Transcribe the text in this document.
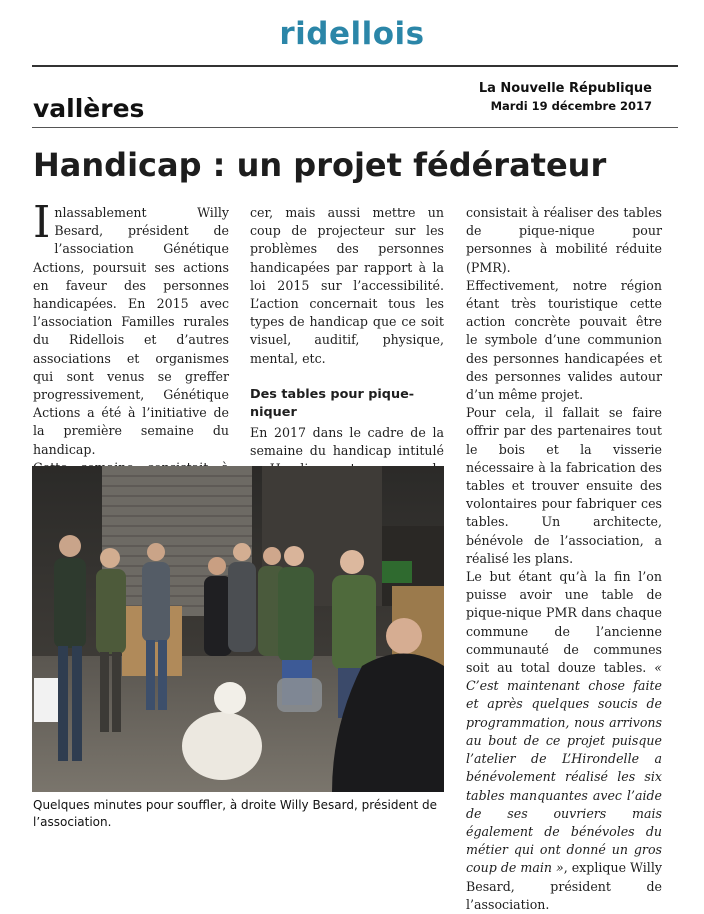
ridellois
La Nouvelle République
Mardi 19 décembre 2017
vallères
Handicap : un projet fédérateur

Inlassablement Willy Besard, président de l’association Génétique Actions, poursuit ses actions en faveur des personnes handicapées. En 2015 avec l’association Familles rurales du Ridellois et d’autres associations et organismes qui sont venus se greffer progressivement, Génétique Actions a été à l’initiative de la première semaine du handicap.

cer, mais aussi mettre un coup de projecteur sur les problèmes des personnes handicapées par rapport à la loi 2015 sur l’accessibilité. L’action concernait tous les types de handicap que ce soit visuel, auditif, physique, mental, etc.

Des tables pour pique-niquer

En 2017 dans le cadre de la semaine du handicap intitulé

consistait à réaliser des tables de pique-nique pour personnes à mobilité réduite (PMR).

Effectivement, notre région étant très touristique cette action concrète pouvait être le symbole d’une communion des personnes handicapées et des personnes valides autour d’un même projet.

Pour cela, il fallait se faire offrir par des partenaires tout le bois et la visserie nécessaire à la fabrication des tables et trouver ensuite des volontaires pour fabriquer ces tables. Un architecte, bénévole de l’association, a réalisé les plans.

Le but étant qu’à la fin l’on puisse avoir une table de pique-nique PMR dans chaque commune de l’ancienne communauté de communes soit au total douze tables. « C’est maintenant chose faite et après quelques soucis de programmation, nous arrivons au bout de ce projet puisque l’atelier de L’Hirondelle a bénévolement réalisé les six tables manquantes avec l’aide de ses ouvriers mais également de bénévoles du métier qui ont donné un gros coup de main », explique Willy Besard, président de l’association.

Quelques minutes pour souffler, à droite Willy Besard, président de l’association.
